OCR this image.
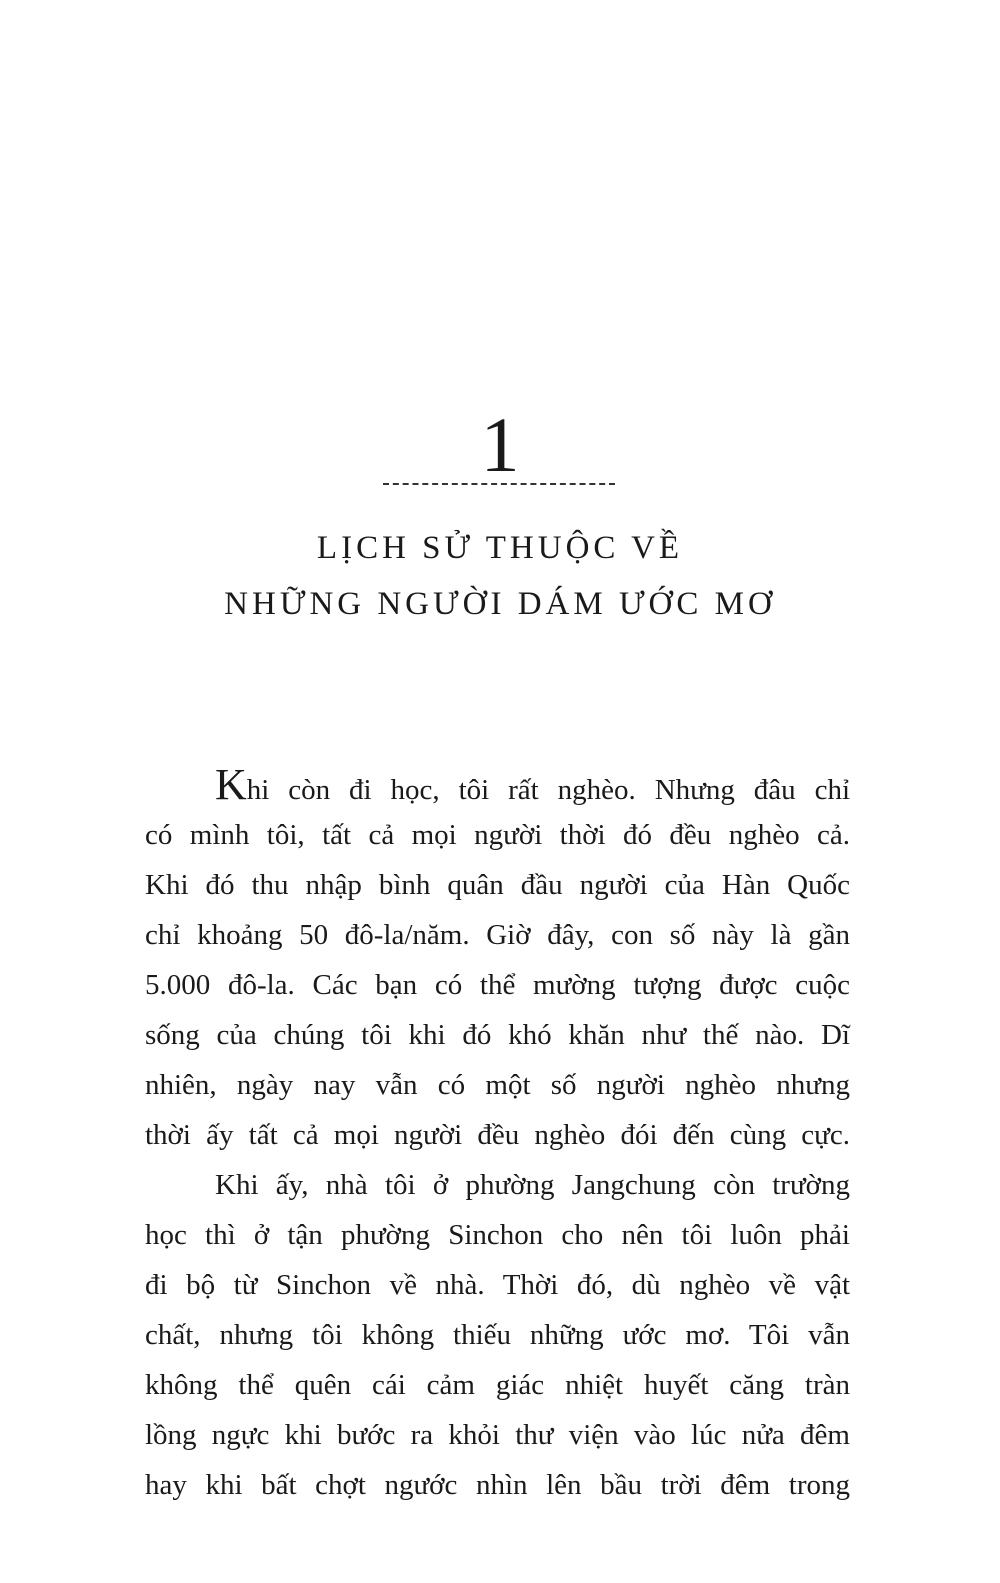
1
LỊCH SỬ THUỘC VỀ
NHỮNG NGƯỜI DÁM ƯỚC MƠ
Khi còn đi học, tôi rất nghèo. Nhưng đâu chỉ
có mình tôi, tất cả mọi người thời đó đều nghèo cả.
Khi đó thu nhập bình quân đầu người của Hàn Quốc
chỉ khoảng 50 đô-la/năm. Giờ đây, con số này là gần
5.000 đô-la. Các bạn có thể mường tượng được cuộc
sống của chúng tôi khi đó khó khăn như thế nào. Dĩ
nhiên, ngày nay vẫn có một số người nghèo nhưng
thời ấy tất cả mọi người đều nghèo đói đến cùng cực.
Khi ấy, nhà tôi ở phường Jangchung còn trường
học thì ở tận phường Sinchon cho nên tôi luôn phải
đi bộ từ Sinchon về nhà. Thời đó, dù nghèo về vật
chất, nhưng tôi không thiếu những ước mơ. Tôi vẫn
không thể quên cái cảm giác nhiệt huyết căng tràn
lồng ngực khi bước ra khỏi thư viện vào lúc nửa đêm
hay khi bất chợt ngước nhìn lên bầu trời đêm trong
